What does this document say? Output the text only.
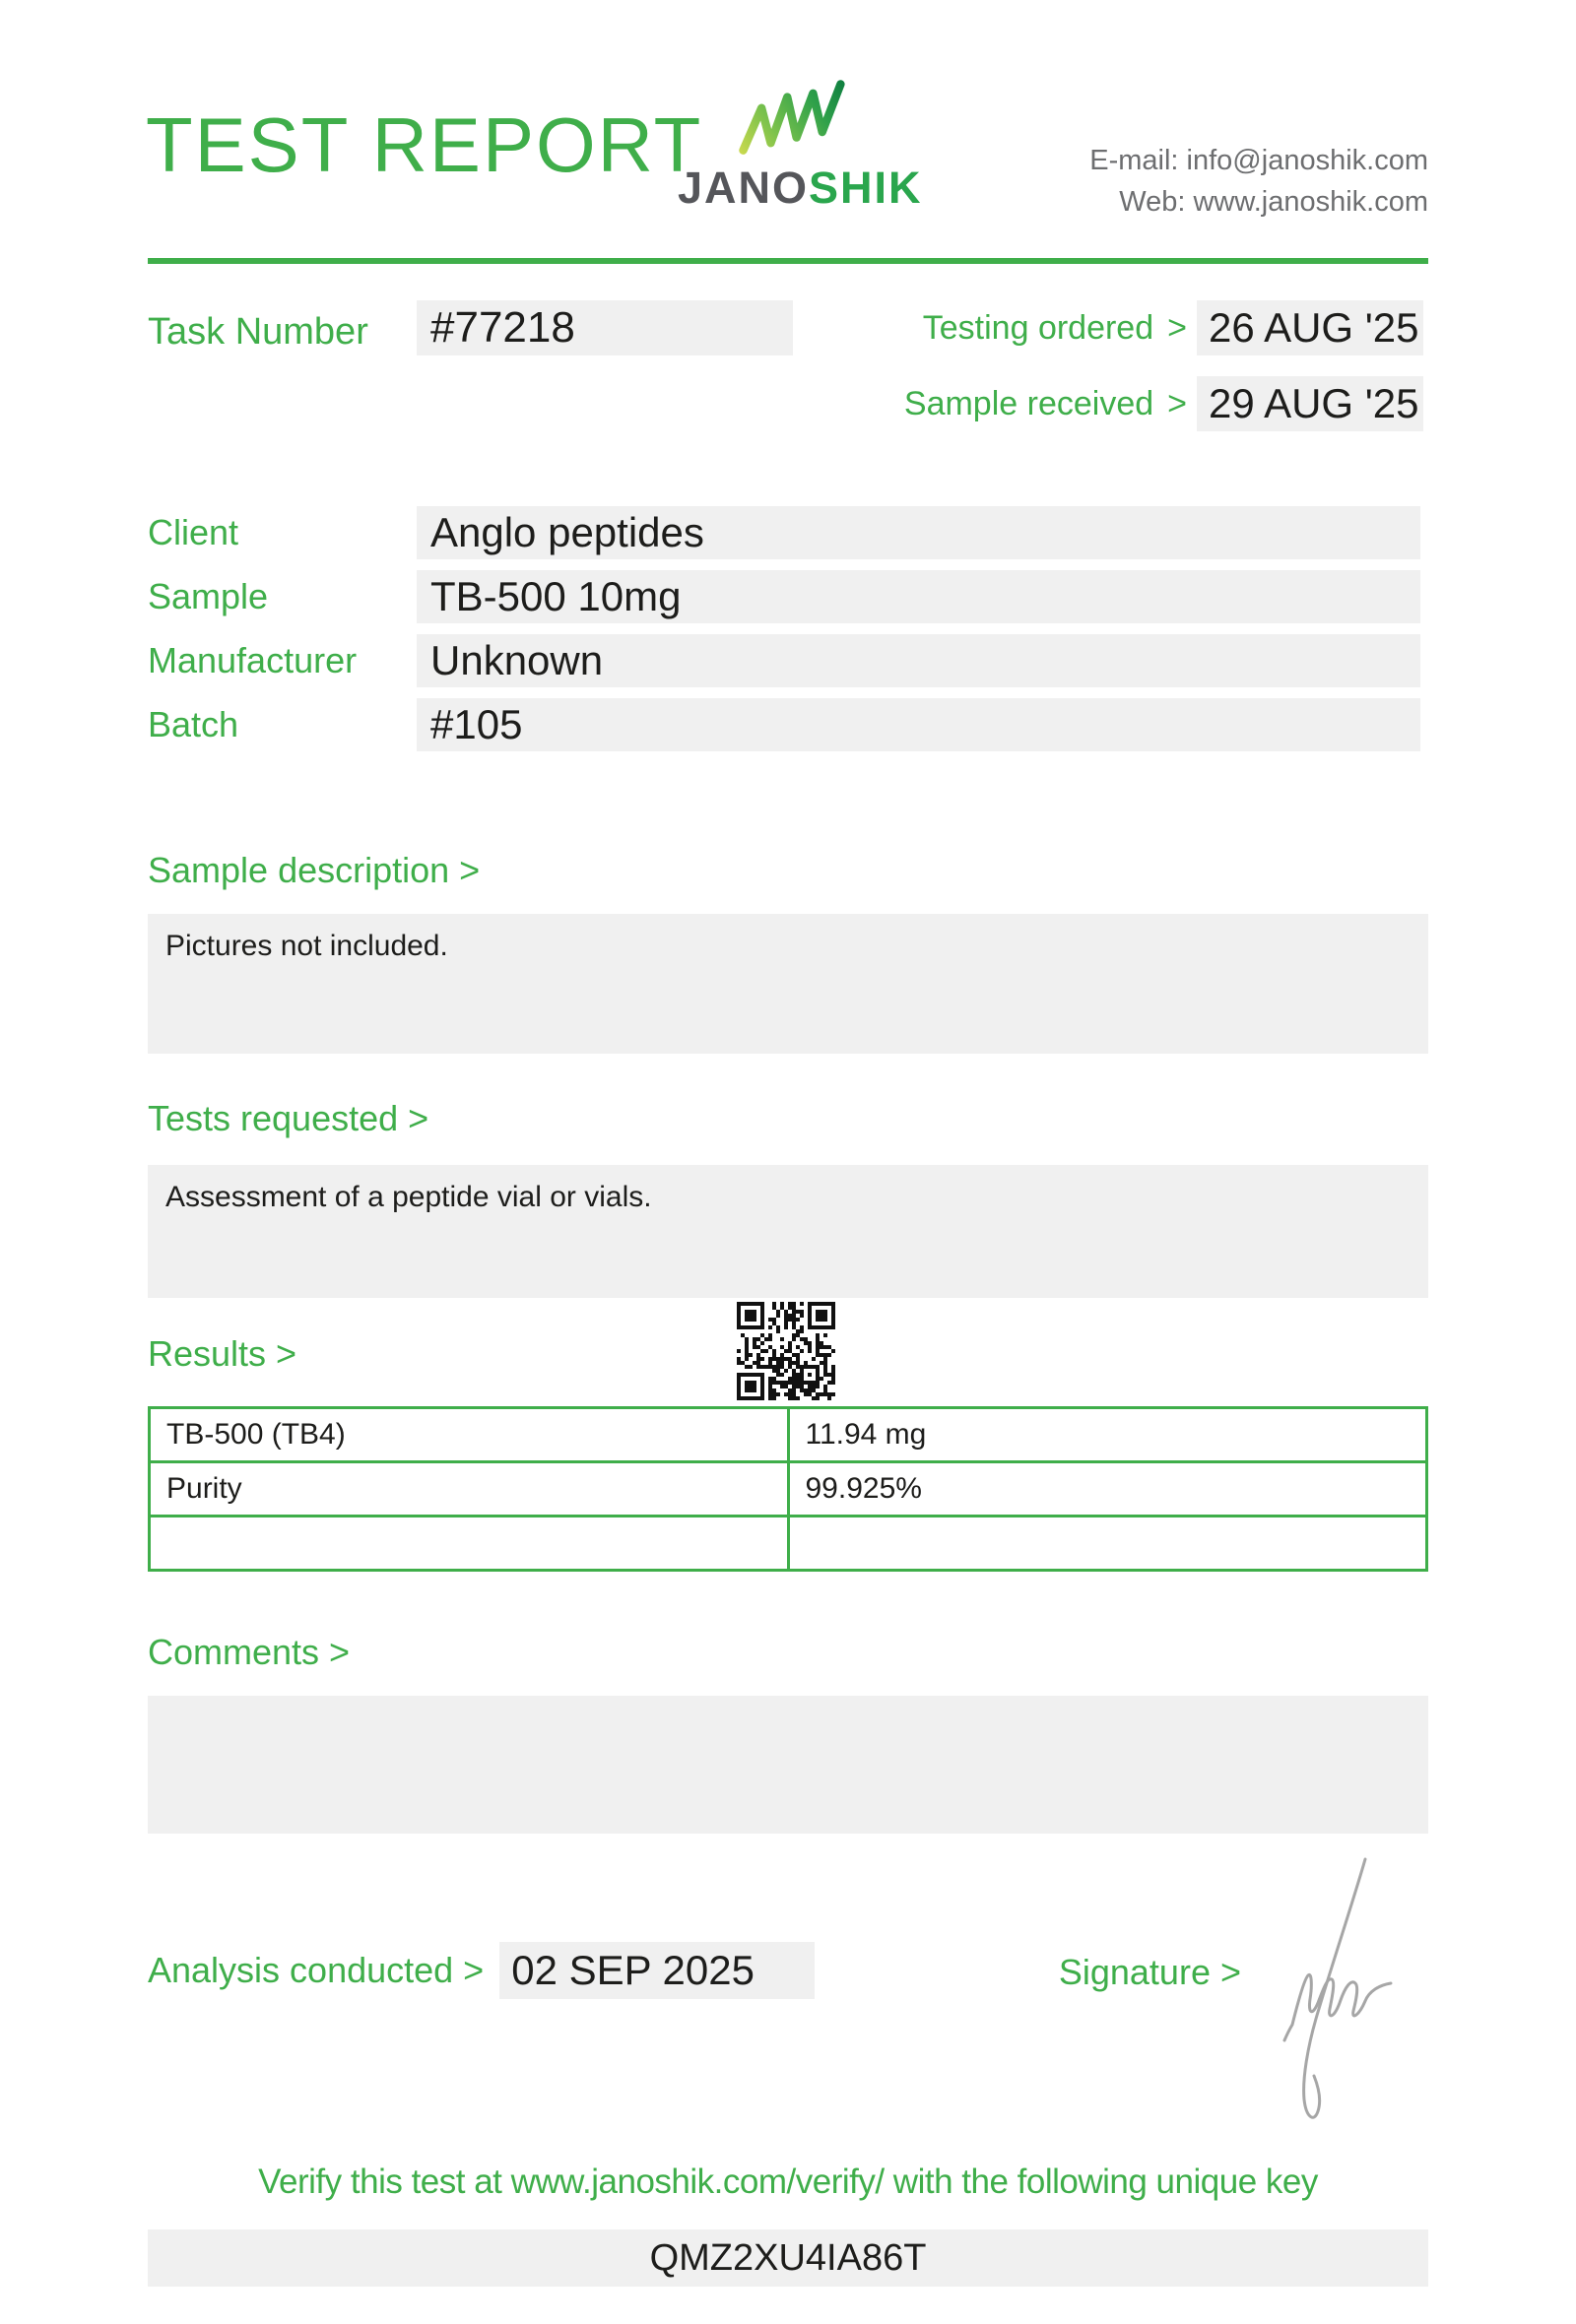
TEST REPORT
JANOSHIK
E-mail: info@janoshik.com
Web: www.janoshik.com
Task Number	#77218	Testing ordered > 26 AUG '25
Sample received > 29 AUG '25
Client	Anglo peptides
Sample	TB-500 10mg
Manufacturer	Unknown
Batch	#105
Sample description >
Pictures not included.
Tests requested >
Assessment of a peptide vial or vials.
Results >
TB-500 (TB4)	11.94 mg
Purity	99.925%

Comments >
Analysis conducted > 02 SEP 2025	Signature >
Verify this test at www.janoshik.com/verify/ with the following unique key
QMZ2XU4IA86T
